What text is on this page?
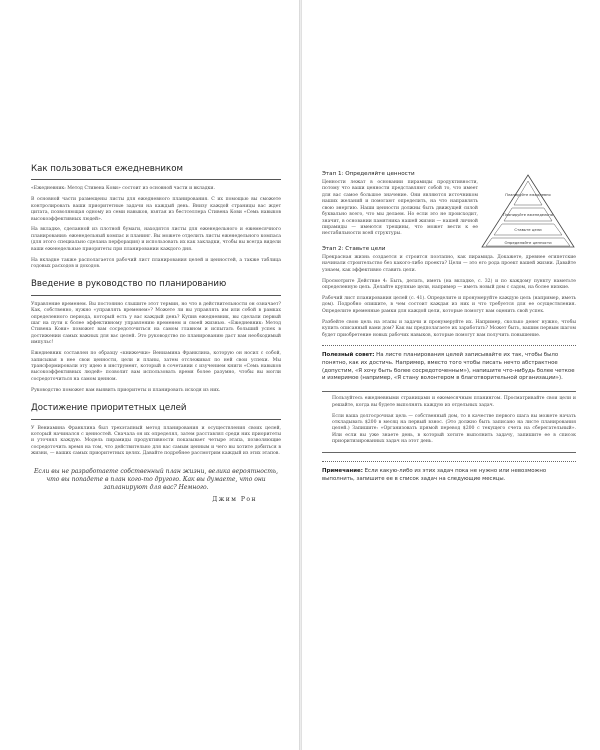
Как пользоваться ежедневником

«Ежедневник: Метод Стивена Кови» состоит из основной части и вкладки.

В основной части размещены листы для ежедневного планирования. С их помощью вы сможете контролировать ваши приоритетные задачи на каждый день. Внизу каждой страницы вас ждет цитата, позволяющая одному из семи навыков, взятая из бестселлера Стивена Кови «Семь навыков высокоэффективных людей».

На вкладке, сделанной из плотной бумаги, находятся листы для еженедельного и ежемесячного планирования: еженедельный компас и планинг. Вы можете отделить листы еженедельного компаса (для этого специально сделана перфорация) и использовать их как закладки, чтобы вы всегда видели ваши еженедельные приоритеты при планировании каждого дня.

На вкладке также располагается рабочий лист планирования целей и ценностей, а также таблица годовых расходов и доходов.

Введение в руководство по планированию

Управление временем. Вы постоянно слышите этот термин, но что в действительности он означает? Как, собственно, нужно «управлять временем»? Можете ли вы управлять им или собой в рамках определенного периода, который есть у вас каждый день? Купив ежедневник, вы сделали первый шаг на пути к более эффективному управлению временем и своей жизнью. «Ежедневник: Метод Стивена Кови» поможет вам сосредоточиться на самом главном и испытать больший успех в достижении самых важных для вас целей. Это руководство по планированию даст вам необходимый импульс!

Ежедневник составлен по образцу «книжечки» Вениамина Франклина, которую он носил с собой, записывая в нее свои ценности, цели и планы, затем отслеживал по ней свои успехи. Мы трансформировали эту идею в инструмент, который в сочетании с изучением книги «Семь навыков высокоэффективных людей» позволит вам использовать время более разумно, чтобы вы могли сосредоточиться на самом ценном.

Руководство поможет вам выявить приоритеты и планировать исходя из них.

Достижение приоритетных целей

У Вениамина Франклина был трехэтапный метод планирования и осуществления своих целей, который начинался с ценностей. Сначала он их определял, затем расставлял среди них приоритеты и уточнял каждую. Модель пирамиды продуктивности показывает четыре этапа, позволяющие сосредоточить время на том, что действительно для вас самым ценным и чего вы хотите добиться в жизни, — ваших самых приоритетных целях. Давайте подробнее рассмотрим каждый из этих этапов.

Если вы не разработаете собственный план жизни, велика вероятность, что вы попадете в план кого-то другого. Как вы думаете, что они запланируют для вас? Немного.
Джим Рон
Этап 1: Определяйте ценности

Ценности лежат в основании пирамиды продуктивности, потому что ваши ценности представляют собой то, что имеет для вас самое большое значение. Они являются источником наших желаний и помогают определить, на что направлять свою энергию. Наши ценности должны быть движущей силой буквально всего, что мы делаем. Но если это не происходит, значит, в основании памятника нашей жизни — нашей личной пирамиды — имеются трещины, что может вести к ее нестабильности всей структуры.

Планируйте ежедневно
Планируйте еженедельно
Ставьте цели
Определяйте ценности
Этап 2: Ставьте цели

Прекрасная жизнь создается и строится поэтапно, как пирамида. Докажете, древнее египетские начинали строительство без какого-либо проекта? Цели — это его рода проект вашей жизни. Давайте узнаем, как эффективно ставить цели.

Просмотрите Действие 4: Быть, делать, иметь (на вкладке, с. 32) и по каждому пункту наметьте определенную цель. Делайте крупные цели, например — иметь новый дом с садом, на более низкие.

Рабочий лист планирования целей (с. 41). Определите и пронумеруйте каждую цель (например, иметь дом). Подробно опишите, в чем состоит каждая из них и что требуется для ее осуществления. Определите временные рамки для каждой цели, которые помогут вам оценить свой успех.

Разбейте свою цель на этапы и задачи и пронумеруйте их. Например, сколько денег нужно, чтобы купить описанный вами дом? Как вы предполагаете их заработать? Может быть, вашим первым шагом будет приобретение новых рабочих навыков, которые помогут вам получить повышение.

Полезный совет: На листе планирования целей записывайте их так, чтобы было понятно, как их достичь. Например, вместо того чтобы писать нечто абстрактное (допустим, «Я хочу быть более сосредоточенным»), напишите что-нибудь более четкое и измеримое (например, «Я стану волонтером в благотворительной организации»).

Пользуйтесь ежедневными страницами и ежемесячным планингом. Просматривайте свои цели и решайте, когда вы будете выполнять каждую из отдельных задач.

Если ваша долгосрочная цель — собственный дом, то в качестве первого шага вы можете начать откладывать $200 в месяц на первый взнос. (Это должно быть записано на листе планирования целей.) Запишите: «Организовать прямой перевод $200 с текущего счета на сберегательный». Или если вы уже знаете день, в который хотите выполнить задачу, запишите ее в список приоритизированных задач на этот день.

Примечание: Если какую-либо из этих задач пока не нужно или невозможно выполнить, запишите ее в список задач на следующие месяцы.
